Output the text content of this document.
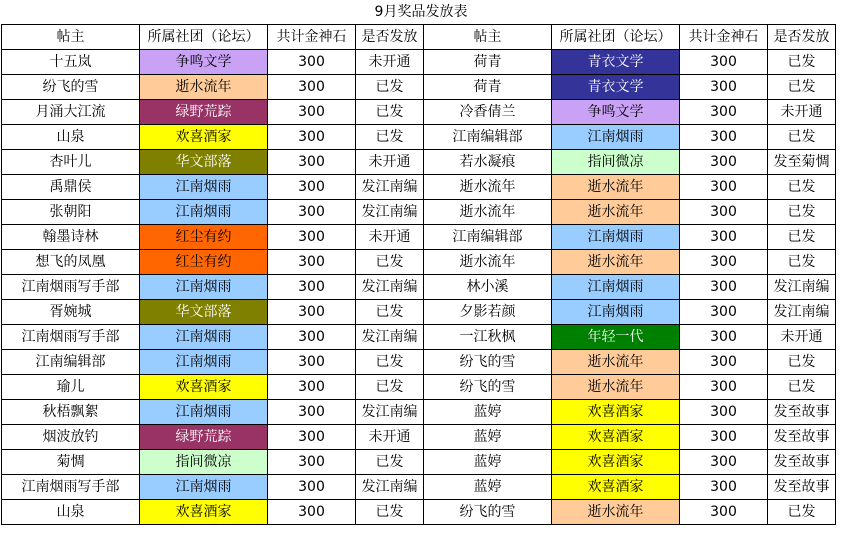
9月奖品发放表
帖主	所属社团（论坛）	共计金神石	是否发放	帖主	所属社团（论坛）	共计金神石	是否发放
十五岚	争鸣文学	300	未开通	荷青	青衣文学	300	已发
纷飞的雪	逝水流年	300	已发	荷青	青衣文学	300	已发
月涌大江流	绿野荒踪	300	已发	冷香倩兰	争鸣文学	300	未开通
山泉	欢喜酒家	300	已发	江南编辑部	江南烟雨	300	已发
杏叶儿	华文部落	300	未开通	若水凝痕	指间微凉	300	发至菊惆
禹鼎侯	江南烟雨	300	发江南编	逝水流年	逝水流年	300	已发
张朝阳	江南烟雨	300	发江南编	逝水流年	逝水流年	300	已发
翰墨诗林	红尘有约	300	未开通	江南编辑部	江南烟雨	300	已发
想飞的凤凰	红尘有约	300	已发	逝水流年	逝水流年	300	已发
江南烟雨写手部	江南烟雨	300	发江南编	林小溪	江南烟雨	300	发江南编
胥婉城	华文部落	300	已发	夕影若颜	江南烟雨	300	发江南编
江南烟雨写手部	江南烟雨	300	发江南编	一江秋枫	年轻一代	300	未开通
江南编辑部	江南烟雨	300	已发	纷飞的雪	逝水流年	300	已发
瑜儿	欢喜酒家	300	已发	纷飞的雪	逝水流年	300	已发
秋梧飘絮	江南烟雨	300	发江南编	蓝婷	欢喜酒家	300	发至故事
烟波放钓	绿野荒踪	300	未开通	蓝婷	欢喜酒家	300	发至故事
菊惆	指间微凉	300	已发	蓝婷	欢喜酒家	300	发至故事
江南烟雨写手部	江南烟雨	300	发江南编	蓝婷	欢喜酒家	300	发至故事
山泉	欢喜酒家	300	已发	纷飞的雪	逝水流年	300	已发
